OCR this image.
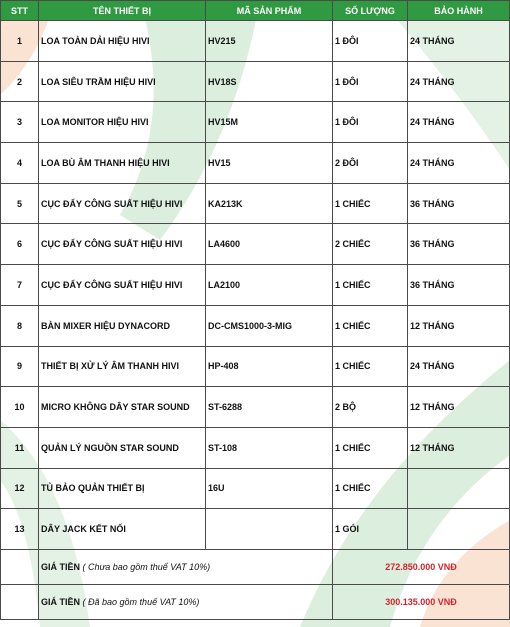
STT	TÊN THIẾT BỊ	MÃ SẢN PHẨM	SỐ LƯỢNG	BẢO HÀNH
1	LOA TOÀN DẢI HIỆU HIVI	HV215	1 ĐÔI	24 THÁNG
2	LOA SIÊU TRẦM HIỆU HIVI	HV18S	1 ĐÔI	24 THÁNG
3	LOA MONITOR HIỆU HIVI	HV15M	1 ĐÔI	24 THÁNG
4	LOA BÙ ÂM THANH HIỆU HIVI	HV15	2 ĐÔI	24 THÁNG
5	CỤC ĐẨY CÔNG SUẤT HIỆU HIVI	KA213K	1 CHIẾC	36 THÁNG
6	CỤC ĐẨY CÔNG SUẤT HIỆU HIVI	LA4600	2 CHIẾC	36 THÁNG
7	CỤC ĐẨY CÔNG SUẤT HIỆU HIVI	LA2100	1 CHIẾC	36 THÁNG
8	BÀN MIXER HIỆU DYNACORD	DC-CMS1000-3-MIG	1 CHIẾC	12 THÁNG
9	THIẾT BỊ XỬ LÝ ÂM THANH HIVI	HP-408	1 CHIẾC	24 THÁNG
10	MICRO KHÔNG DÂY STAR SOUND	ST-6288	2 BỘ	12 THÁNG
11	QUẢN LÝ NGUỒN STAR SOUND	ST-108	1 CHIẾC	12 THÁNG
12	TỦ BẢO QUẢN THIẾT BỊ	16U	1 CHIẾC	
13	DÂY JACK KẾT NỐI		1 GÓI	
	GIÁ TIỀN ( Chưa bao gồm thuế VAT 10%)		272.850.000 VNĐ	
	GIÁ TIỀN ( Đã bao gồm thuế VAT 10%)		300.135.000 VNĐ	
